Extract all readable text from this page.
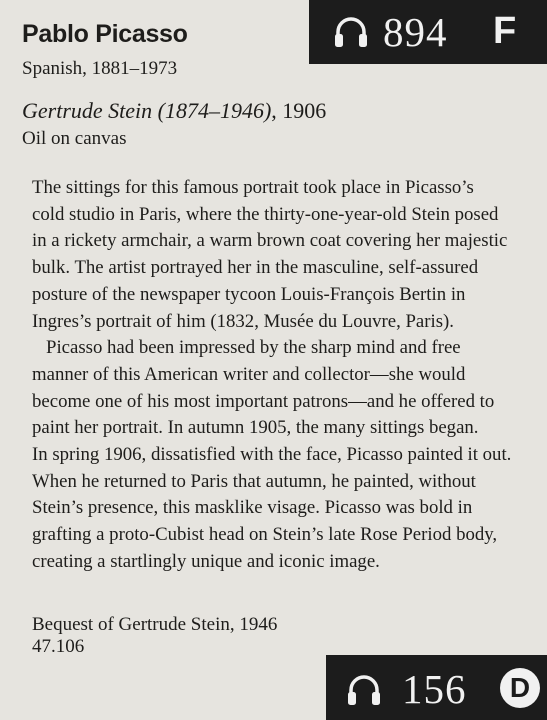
Pablo Picasso
Spanish, 1881–1973
Gertrude Stein (1874–1946), 1906
Oil on canvas

The sittings for this famous portrait took place in Picasso’s
cold studio in Paris, where the thirty-one-year-old Stein posed
in a rickety armchair, a warm brown coat covering her majestic
bulk. The artist portrayed her in the masculine, self-assured
posture of the newspaper tycoon Louis-François Bertin in
Ingres’s portrait of him (1832, Musée du Louvre, Paris).

Picasso had been impressed by the sharp mind and free
manner of this American writer and collector—she would
become one of his most important patrons—and he offered to
paint her portrait. In autumn 1905, the many sittings began.
In spring 1906, dissatisfied with the face, Picasso painted it out.
When he returned to Paris that autumn, he painted, without
Stein’s presence, this masklike visage. Picasso was bold in
grafting a proto-Cubist head on Stein’s late Rose Period body,
creating a startlingly unique and iconic image.

Bequest of Gertrude Stein, 1946
47.106
894 F
156	D
